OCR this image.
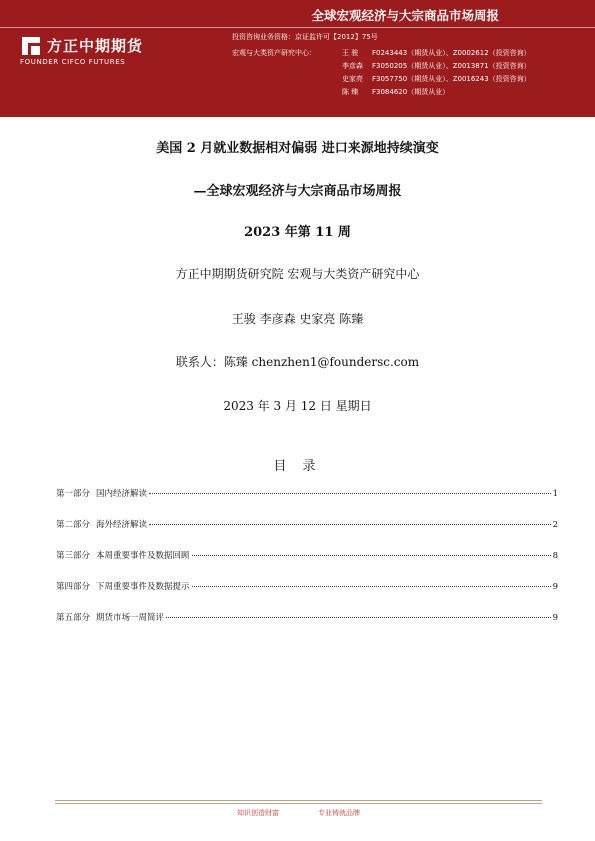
全球宏观经济与大宗商品市场周报
方正中期期货
FOUNDER CIFCO FUTURES
投资咨询业务资格：京证监许可【2012】75号
宏观与大类资产研究中心：	王 骏	F0243443（期货从业）、Z0002612（投资咨询）
李彦森	F3050205（期货从业）、Z0013871（投资咨询）
史家亮	F3057750（期货从业）、Z0016243（投资咨询）
陈 臻	F3084620（期货从业）
美国 2 月就业数据相对偏弱 进口来源地持续演变
—全球宏观经济与大宗商品市场周报
2023 年第 11 周
方正中期期货研究院 宏观与大类资产研究中心
王骏 李彦森 史家亮 陈臻
联系人：陈臻 chenzhen1@foundersc.com
2023 年 3 月 12 日 星期日
目 录
第一部分 国内经济解读	1
第二部分 海外经济解读	2
第三部分 本周重要事件及数据回顾	8
第四部分 下周重要事件及数据提示	9
第五部分 期货市场一周简评	9
知识创造财富	专业铸就品牌
